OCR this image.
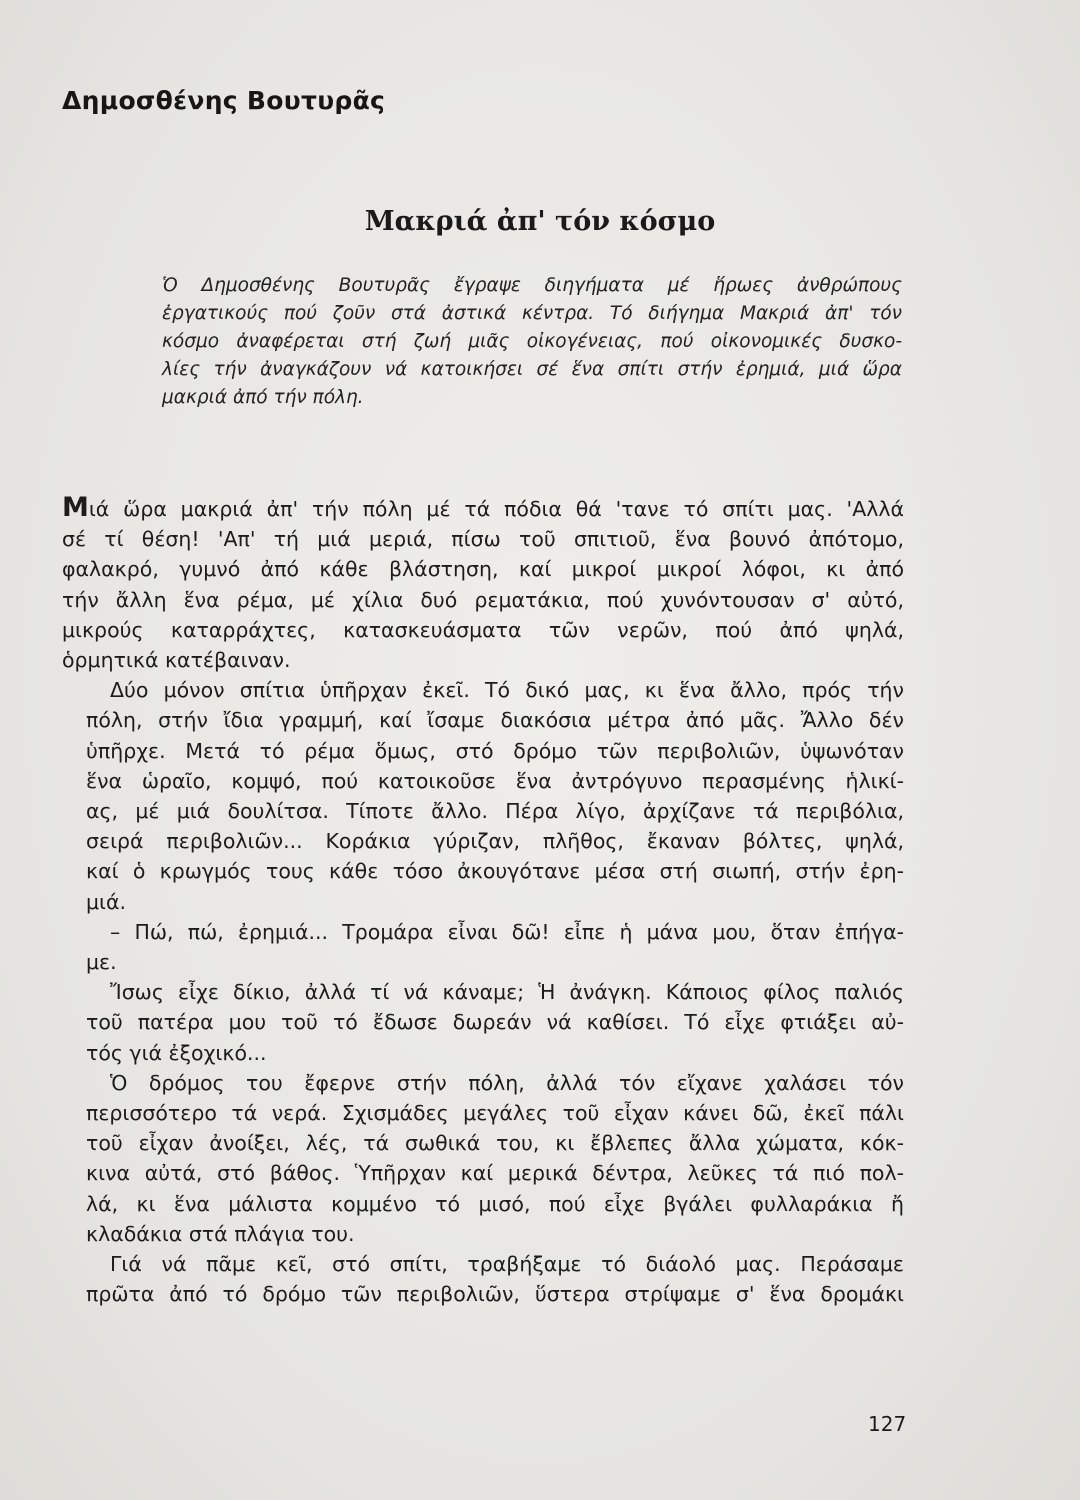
Δημοσθένης Βουτυρᾶς
Μακριά ἀπ' τόν κόσμο

Ὁ Δημοσθένης Βουτυρᾶς ἔγραψε διηγήματα μέ ἥρωες ἀνθρώπους
ἐργατικούς πού ζοῦν στά ἀστικά κέντρα. Τό διήγημα Μακριά ἀπ' τόν
κόσμο ἀναφέρεται στή ζωή μιᾶς οἰκογένειας, πού οἰκονομικές δυσκο-
λίες τήν ἀναγκάζουν νά κατοικήσει σέ ἕνα σπίτι στήν ἐρημιά, μιά ὥρα
μακριά ἀπό τήν πόλη.

Μιά ὥρα μακριά ἀπ' τήν πόλη μέ τά πόδια θά 'τανε τό σπίτι μας. 'Αλλά
σέ τί θέση! 'Απ' τή μιά μεριά, πίσω τοῦ σπιτιοῦ, ἕνα βουνό ἀπότομο,
φαλακρό, γυμνό ἀπό κάθε βλάστηση, καί μικροί μικροί λόφοι, κι ἀπό
τήν ἄλλη ἕνα ρέμα, μέ χίλια δυό ρεματάκια, πού χυνόντουσαν σ' αὐτό,
μικρούς καταρράχτες, κατασκευάσματα τῶν νερῶν, πού ἀπό ψηλά,
ὁρμητικά κατέβαιναν.

Δύο μόνον σπίτια ὑπῆρχαν ἐκεῖ. Τό δικό μας, κι ἕνα ἄλλο, πρός τήν
πόλη, στήν ἴδια γραμμή, καί ἴσαμε διακόσια μέτρα ἀπό μᾶς. Ἄλλο δέν
ὑπῆρχε. Μετά τό ρέμα ὅμως, στό δρόμο τῶν περιβολιῶν, ὑψωνόταν
ἕνα ὡραῖο, κομψό, πού κατοικοῦσε ἕνα ἀντρόγυνο περασμένης ἡλικί-
ας, μέ μιά δουλίτσα. Τίποτε ἄλλο. Πέρα λίγο, ἀρχίζανε τά περιβόλια,
σειρά περιβολιῶν... Κοράκια γύριζαν, πλῆθος, ἔκαναν βόλτες, ψηλά,
καί ὁ κρωγμός τους κάθε τόσο ἀκουγότανε μέσα στή σιωπή, στήν ἐρη-
μιά.

– Πώ, πώ, ἐρημιά... Τρομάρα εἶναι δῶ! εἶπε ἡ μάνα μου, ὅταν ἐπήγα-
με.

Ἴσως εἶχε δίκιο, ἀλλά τί νά κάναμε; Ἡ ἀνάγκη. Κάποιος φίλος παλιός
τοῦ πατέρα μου τοῦ τό ἔδωσε δωρεάν νά καθίσει. Τό εἶχε φτιάξει αὐ-
τός γιά ἐξοχικό...

Ὁ δρόμος του ἔφερνε στήν πόλη, ἀλλά τόν εἴχανε χαλάσει τόν
περισσότερο τά νερά. Σχισμάδες μεγάλες τοῦ εἶχαν κάνει δῶ, ἐκεῖ πάλι
τοῦ εἶχαν ἀνοίξει, λές, τά σωθικά του, κι ἔβλεπες ἄλλα χώματα, κόκ-
κινα αὐτά, στό βάθος. Ὑπῆρχαν καί μερικά δέντρα, λεῦκες τά πιό πολ-
λά, κι ἕνα μάλιστα κομμένο τό μισό, πού εἶχε βγάλει φυλλαράκια ἤ
κλαδάκια στά πλάγια του.

Γιά νά πᾶμε κεῖ, στό σπίτι, τραβήξαμε τό διάολό μας. Περάσαμε
πρῶτα ἀπό τό δρόμο τῶν περιβολιῶν, ὕστερα στρίψαμε σ' ἕνα δρομάκι

127
